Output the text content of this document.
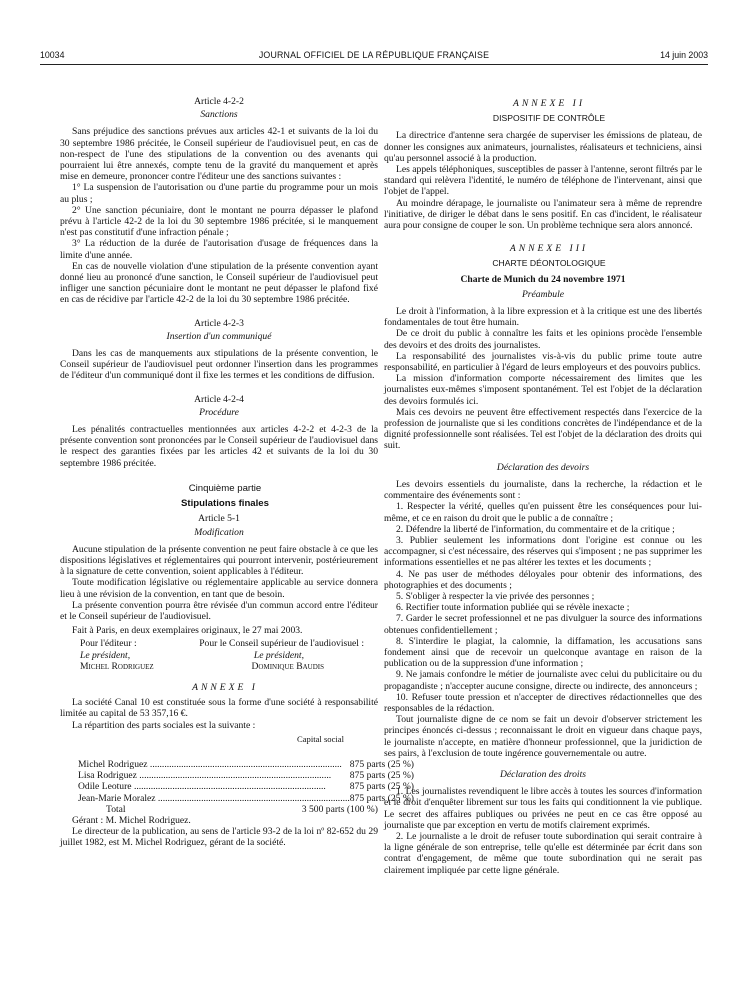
10034	JOURNAL OFFICIEL DE LA RÉPUBLIQUE FRANÇAISE	14 juin 2003

Article 4-2-2

Sanctions

Sans préjudice des sanctions prévues aux articles 42-1 et suivants de la loi du 30 septembre 1986 précitée, le Conseil supérieur de l'audiovisuel peut, en cas de non-respect de l'une des stipulations de la convention ou des avenants qui pourraient lui être annexés, compte tenu de la gravité du manquement et après mise en demeure, prononcer contre l'éditeur une des sanctions suivantes :

1° La suspension de l'autorisation ou d'une partie du programme pour un mois au plus ;

2° Une sanction pécuniaire, dont le montant ne pourra dépasser le plafond prévu à l'article 42-2 de la loi du 30 septembre 1986 précitée, si le manquement n'est pas constitutif d'une infraction pénale ;

3° La réduction de la durée de l'autorisation d'usage de fréquences dans la limite d'une année.

En cas de nouvelle violation d'une stipulation de la présente convention ayant donné lieu au prononcé d'une sanction, le Conseil supérieur de l'audiovisuel peut infliger une sanction pécuniaire dont le montant ne peut dépasser le plafond fixé en cas de récidive par l'article 42-2 de la loi du 30 septembre 1986 précitée.

Article 4-2-3

Insertion d'un communiqué

Dans les cas de manquements aux stipulations de la présente convention, le Conseil supérieur de l'audiovisuel peut ordonner l'insertion dans les programmes de l'éditeur d'un communiqué dont il fixe les termes et les conditions de diffusion.

Article 4-2-4

Procédure

Les pénalités contractuelles mentionnées aux articles 4-2-2 et 4-2-3 de la présente convention sont prononcées par le Conseil supérieur de l'audiovisuel dans le respect des garanties fixées par les articles 42 et suivants de la loi du 30 septembre 1986 précitée.

Cinquième partie

Stipulations finales

Article 5-1

Modification

Aucune stipulation de la présente convention ne peut faire obstacle à ce que les dispositions législatives et réglementaires qui pourront intervenir, postérieurement à la signature de cette convention, soient applicables à l'éditeur.

Toute modification législative ou réglementaire applicable au service donnera lieu à une révision de la convention, en tant que de besoin.

La présente convention pourra être révisée d'un commun accord entre l'éditeur et le Conseil supérieur de l'audiovisuel.

Fait à Paris, en deux exemplaires originaux, le 27 mai 2003.

Pour l'éditeur :	Pour le Conseil supérieur de l'audiovisuel :
Le président,	Le président,
Michel Rodriguez	Dominique Baudis

ANNEXE I

La société Canal 10 est constituée sous la forme d'une société à responsabilité limitée au capital de 53 357,16 €.

La répartition des parts sociales est la suivante :

Capital social

Michel Rodriguez ................................................................................	875 parts (25 %)
Lisa Rodriguez ................................................................................	875 parts (25 %)
Odile Leoture ................................................................................	875 parts (25 %)
Jean-Marie Moralez ................................................................................	875 parts (25 %)
Total	3 500 parts (100 %)

Gérant : M. Michel Rodriguez.

Le directeur de la publication, au sens de l'article 93-2 de la loi nº 82-652 du 29 juillet 1982, est M. Michel Rodriguez, gérant de la société.

ANNEXE II

DISPOSITIF DE CONTRÔLE

La directrice d'antenne sera chargée de superviser les émissions de plateau, de donner les consignes aux animateurs, journalistes, réalisateurs et techniciens, ainsi qu'au personnel associé à la production.

Les appels téléphoniques, susceptibles de passer à l'antenne, seront filtrés par le standard qui relèvera l'identité, le numéro de téléphone de l'intervenant, ainsi que l'objet de l'appel.

Au moindre dérapage, le journaliste ou l'animateur sera à même de reprendre l'initiative, de diriger le débat dans le sens positif. En cas d'incident, le réalisateur aura pour consigne de couper le son. Un problème technique sera alors annoncé.

ANNEXE III

CHARTE DÉONTOLOGIQUE

Charte de Munich du 24 novembre 1971

Préambule

Le droit à l'information, à la libre expression et à la critique est une des libertés fondamentales de tout être humain.

De ce droit du public à connaître les faits et les opinions procède l'ensemble des devoirs et des droits des journalistes.

La responsabilité des journalistes vis-à-vis du public prime toute autre responsabilité, en particulier à l'égard de leurs employeurs et des pouvoirs publics.

La mission d'information comporte nécessairement des limites que les journalistes eux-mêmes s'imposent spontanément. Tel est l'objet de la déclaration des devoirs formulés ici.

Mais ces devoirs ne peuvent être effectivement respectés dans l'exercice de la profession de journaliste que si les conditions concrètes de l'indépendance et de la dignité professionnelle sont réalisées. Tel est l'objet de la déclaration des droits qui suit.

Déclaration des devoirs

Les devoirs essentiels du journaliste, dans la recherche, la rédaction et le commentaire des événements sont :

1. Respecter la vérité, quelles qu'en puissent être les conséquences pour lui-même, et ce en raison du droit que le public a de connaître ;

2. Défendre la liberté de l'information, du commentaire et de la critique ;

3. Publier seulement les informations dont l'origine est connue ou les accompagner, si c'est nécessaire, des réserves qui s'imposent ; ne pas supprimer les informations essentielles et ne pas altérer les textes et les documents ;

4. Ne pas user de méthodes déloyales pour obtenir des informations, des photographies et des documents ;

5. S'obliger à respecter la vie privée des personnes ;

6. Rectifier toute information publiée qui se révèle inexacte ;

7. Garder le secret professionnel et ne pas divulguer la source des informations obtenues confidentiellement ;

8. S'interdire le plagiat, la calomnie, la diffamation, les accusations sans fondement ainsi que de recevoir un quelconque avantage en raison de la publication ou de la suppression d'une information ;

9. Ne jamais confondre le métier de journaliste avec celui du publicitaire ou du propagandiste ; n'accepter aucune consigne, directe ou indirecte, des annonceurs ;

10. Refuser toute pression et n'accepter de directives rédactionnelles que des responsables de la rédaction.

Tout journaliste digne de ce nom se fait un devoir d'observer strictement les principes énoncés ci-dessus ; reconnaissant le droit en vigueur dans chaque pays, le journaliste n'accepte, en matière d'honneur professionnel, que la juridiction de ses pairs, à l'exclusion de toute ingérence gouvernementale ou autre.

Déclaration des droits

1. Les journalistes revendiquent le libre accès à toutes les sources d'information et le droit d'enquêter librement sur tous les faits qui conditionnent la vie publique. Le secret des affaires publiques ou privées ne peut en ce cas être opposé au journaliste que par exception en vertu de motifs clairement exprimés.

2. Le journaliste a le droit de refuser toute subordination qui serait contraire à la ligne générale de son entreprise, telle qu'elle est déterminée par écrit dans son contrat d'engagement, de même que toute subordination qui ne serait pas clairement impliquée par cette ligne générale.
